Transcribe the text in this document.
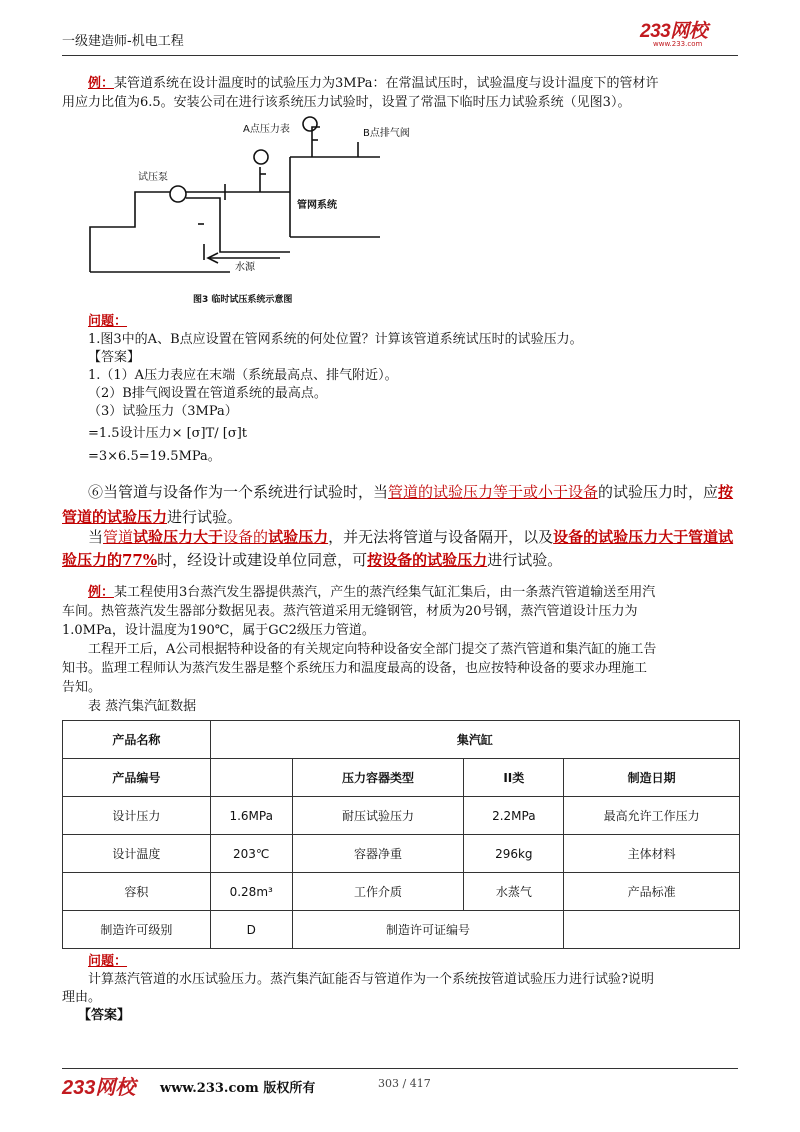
一级建造师-机电工程	233网校
www.233.com
例：某管道系统在设计温度时的试验压力为3MPa：在常温试压时，试验温度与设计温度下的管材许
用应力比值为6.5。安装公司在进行该系统压力试验时，设置了常温下临时压力试验系统（见图3）。
A点压力表	B点排气阀
试压泵
管网系统
水源
图3 临时试压系统示意图
问题：
1.图3中的A、B点应设置在管网系统的何处位置？计算该管道系统试压时的试验压力。
【答案】
1.（1）A压力表应在末端（系统最高点、排气附近）。
（2）B排气阀设置在管道系统的最高点。
（3）试验压力（3MPa）
=1.5设计压力× [σ]T/ [σ]t
=3×6.5=19.5MPa。
⑥当管道与设备作为一个系统进行试验时，当管道的试验压力等于或小于设备的试验压力时，应按
管道的试验压力进行试验。
当管道试验压力大于设备的试验压力，并无法将管道与设备隔开，以及设备的试验压力大于管道试
验压力的77%时，经设计或建设单位同意，可按设备的试验压力进行试验。
例：某工程使用3台蒸汽发生器提供蒸汽，产生的蒸汽经集气缸汇集后，由一条蒸汽管道输送至用汽
车间。热管蒸汽发生器部分数据见表。蒸汽管道采用无缝钢管，材质为20号钢，蒸汽管道设计压力为
1.0MPa，设计温度为190℃，属于GC2级压力管道。
工程开工后，A公司根据特种设备的有关规定向特种设备安全部门提交了蒸汽管道和集汽缸的施工告
知书。监理工程师认为蒸汽发生器是整个系统压力和温度最高的设备，也应按特种设备的要求办理施工
告知。
表 蒸汽集汽缸数据
产品名称	集汽缸			
产品编号		压力容器类型	II类	制造日期
设计压力	1.6MPa	耐压试验压力	2.2MPa	最高允许工作压力
设计温度	203℃	容器净重	296kg	主体材料
容积	0.28m³	工作介质	水蒸气	产品标准
制造许可级别	D	制造许可证编号		
问题：
计算蒸汽管道的水压试验压力。蒸汽集汽缸能否与管道作为一个系统按管道试验压力进行试验?说明
理由。
【答案】
233网校 www.233.com 版权所有	303 / 417
